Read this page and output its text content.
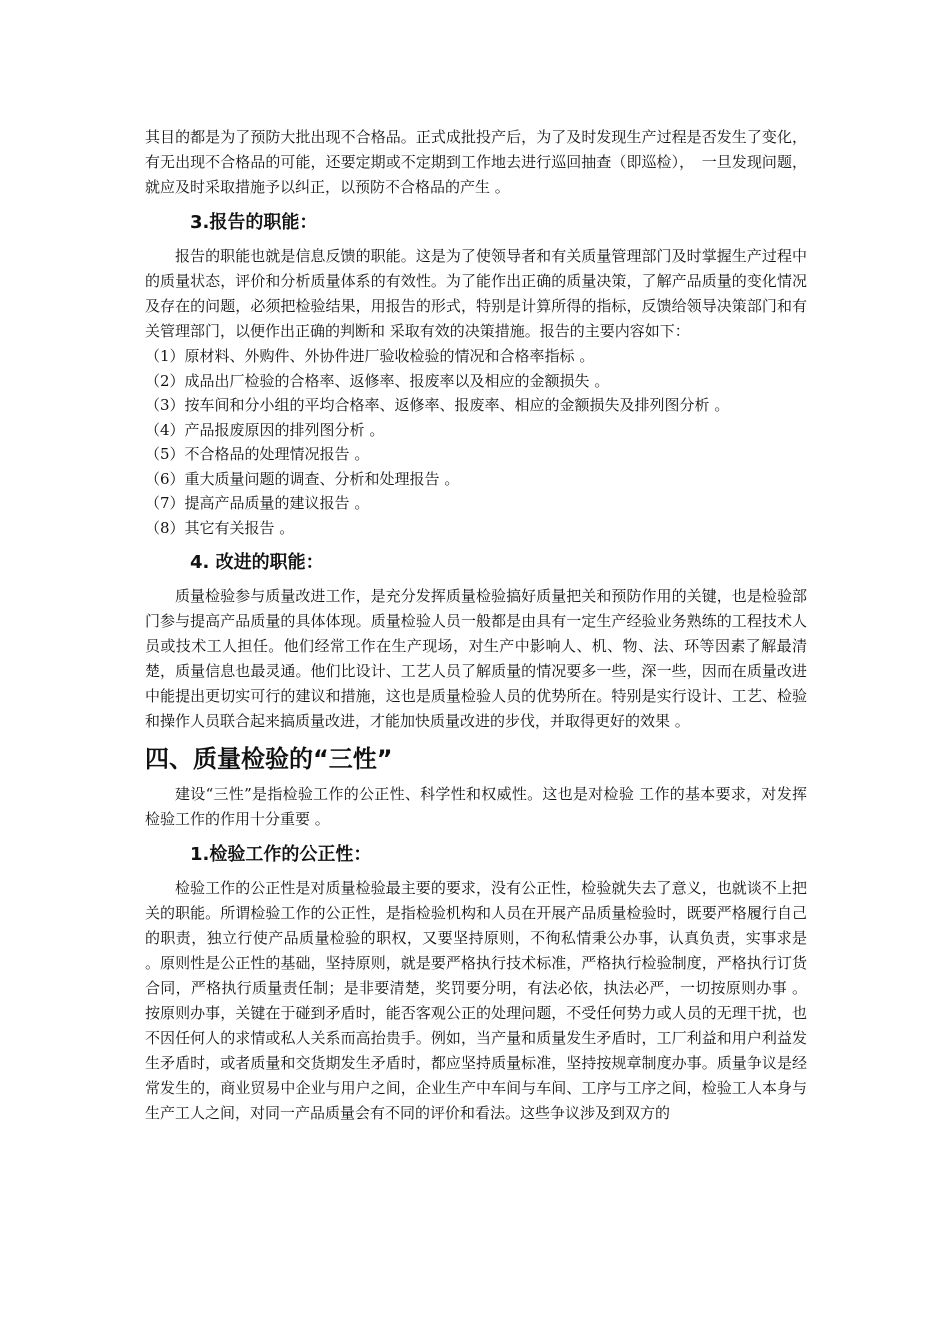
其目的都是为了预防大批出现不合格品。正式成批投产后，为了及时发现生产过程是否发生了变化，有无出现不合格品的可能，还要定期或不定期到工作地去进行巡回抽查（即巡检），　一旦发现问题，就应及时采取措施予以纠正，以预防不合格品的产生 。

3.报告的职能：

报告的职能也就是信息反馈的职能。这是为了使领导者和有关质量管理部门及时掌握生产过程中的质量状态，评价和分析质量体系的有效性。为了能作出正确的质量决策，了解产品质量的变化情况及存在的问题，必须把检验结果，用报告的形式，特别是计算所得的指标，反馈给领导决策部门和有关管理部门，以便作出正确的判断和 采取有效的决策措施。报告的主要内容如下：

（1）原材料、外购件、外协件进厂验收检验的情况和合格率指标 。
（2）成品出厂检验的合格率、返修率、报废率以及相应的金额损失 。
（3）按车间和分小组的平均合格率、返修率、报废率、相应的金额损失及排列图分析 。
（4）产品报废原因的排列图分析 。
（5）不合格品的处理情况报告 。
（6）重大质量问题的调查、分析和处理报告 。
（7）提高产品质量的建议报告 。
（8）其它有关报告 。
4. 改进的职能：

质量检验参与质量改进工作，是充分发挥质量检验搞好质量把关和预防作用的关键，也是检验部门参与提高产品质量的具体体现。质量检验人员一般都是由具有一定生产经验业务熟练的工程技术人员或技术工人担任。他们经常工作在生产现场，对生产中影响人、机、物、法、环等因素了解最清楚，质量信息也最灵通。他们比设计、工艺人员了解质量的情况要多一些，深一些，因而在质量改进中能提出更切实可行的建议和措施，这也是质量检验人员的优势所在。特别是实行设计、工艺、检验和操作人员联合起来搞质量改进，才能加快质量改进的步伐，并取得更好的效果 。

四、质量检验的“三性”

建设“三性”是指检验工作的公正性、科学性和权威性。这也是对检验 工作的基本要求，对发挥检验工作的作用十分重要 。

1.检验工作的公正性：

检验工作的公正性是对质量检验最主要的要求，没有公正性，检验就失去了意义，也就谈不上把关的职能。所谓检验工作的公正性，是指检验机构和人员在开展产品质量检验时，既要严格履行自己的职责，独立行使产品质量检验的职权，又要坚持原则，不徇私情秉公办事，认真负责，实事求是 。原则性是公正性的基础，坚持原则，就是要严格执行技术标准，严格执行检验制度，严格执行订货合同，严格执行质量责任制；是非要清楚，奖罚要分明，有法必依，执法必严，一切按原则办事 。按原则办事，关键在于碰到矛盾时，能否客观公正的处理问题，不受任何势力或人员的无理干扰，也不因任何人的求情或私人关系而高抬贵手。例如，当产量和质量发生矛盾时，工厂利益和用户利益发生矛盾时，或者质量和交货期发生矛盾时，都应坚持质量标准，坚持按规章制度办事。质量争议是经常发生的，商业贸易中企业与用户之间，企业生产中车间与车间、工序与工序之间，检验工人本身与生产工人之间，对同一产品质量会有不同的评价和看法。这些争议涉及到双方的
